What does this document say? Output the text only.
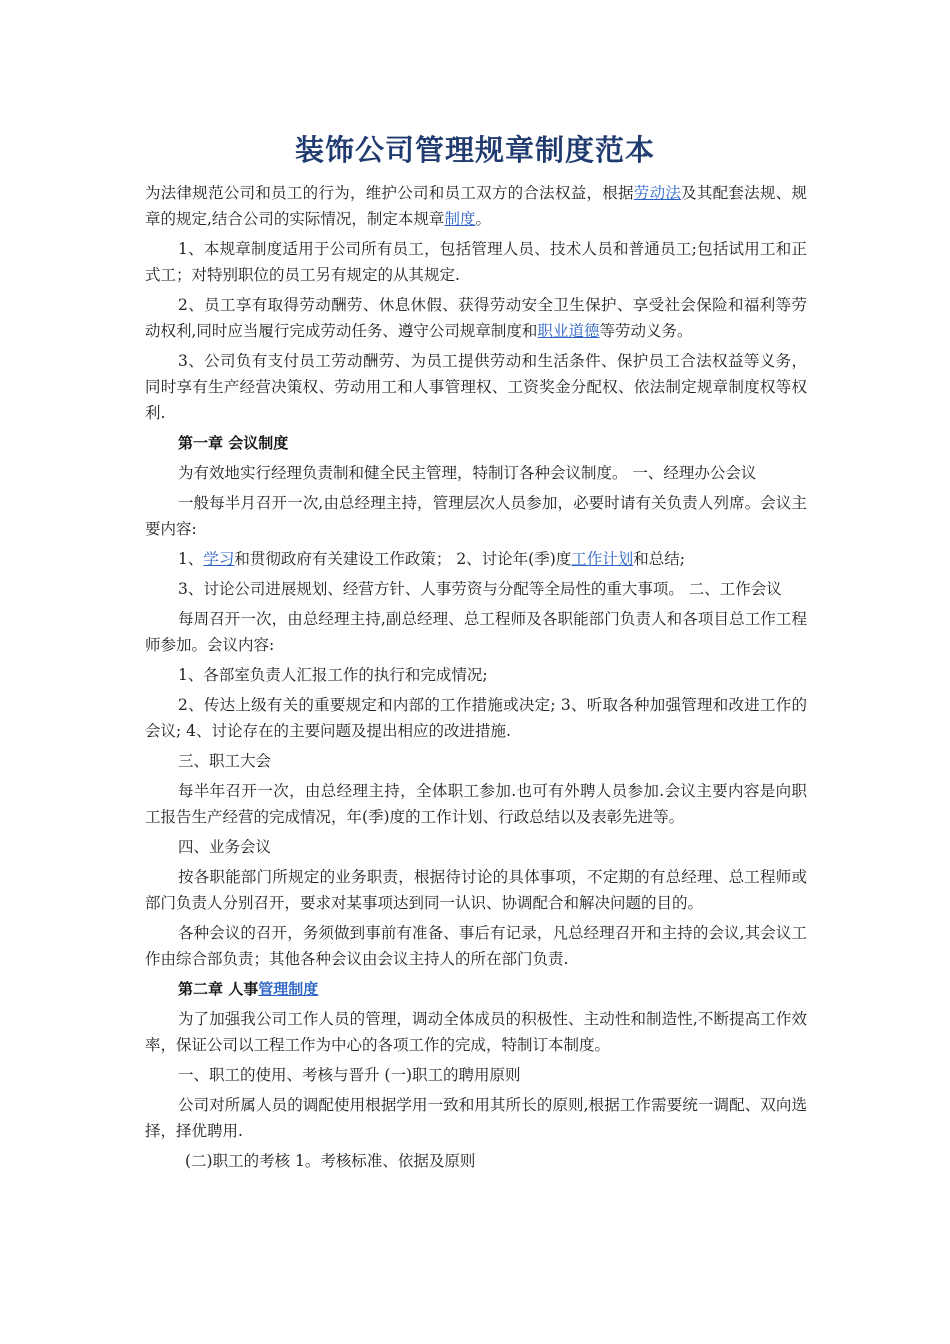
装饰公司管理规章制度范本

为法律规范公司和员工的行为，维护公司和员工双方的合法权益，根据劳动法及其配套法规、规章的规定,结合公司的实际情况，制定本规章制度。

1、本规章制度适用于公司所有员工，包括管理人员、技术人员和普通员工;包括试用工和正式工；对特别职位的员工另有规定的从其规定.

2、员工享有取得劳动酬劳、休息休假、获得劳动安全卫生保护、享受社会保险和福利等劳动权利,同时应当履行完成劳动任务、遵守公司规章制度和职业道德等劳动义务。

3、公司负有支付员工劳动酬劳、为员工提供劳动和生活条件、保护员工合法权益等义务，同时享有生产经营决策权、劳动用工和人事管理权、工资奖金分配权、依法制定规章制度权等权利.

第一章 会议制度

为有效地实行经理负责制和健全民主管理，特制订各种会议制度。 一、经理办公会议

一般每半月召开一次,由总经理主持，管理层次人员参加，必要时请有关负责人列席。会议主要内容:

1、学习和贯彻政府有关建设工作政策； 2、讨论年(季)度工作计划和总结;

3、讨论公司进展规划、经营方针、人事劳资与分配等全局性的重大事项。 二、工作会议

每周召开一次，由总经理主持,副总经理、总工程师及各职能部门负责人和各项目总工作工程师参加。会议内容:

1、各部室负责人汇报工作的执行和完成情况;

2、传达上级有关的重要规定和内部的工作措施或决定; 3、听取各种加强管理和改进工作的会议; 4、讨论存在的主要问题及提出相应的改进措施.

三、职工大会

每半年召开一次，由总经理主持，全体职工参加.也可有外聘人员参加.会议主要内容是向职工报告生产经营的完成情况，年(季)度的工作计划、行政总结以及表彰先进等。

四、业务会议

按各职能部门所规定的业务职责，根据待讨论的具体事项，不定期的有总经理、总工程师或部门负责人分别召开，要求对某事项达到同一认识、协调配合和解决问题的目的。

各种会议的召开，务须做到事前有准备、事后有记录，凡总经理召开和主持的会议,其会议工作由综合部负责；其他各种会议由会议主持人的所在部门负责.

第二章 人事管理制度

为了加强我公司工作人员的管理，调动全体成员的积极性、主动性和制造性,不断提高工作效率，保证公司以工程工作为中心的各项工作的完成，特制订本制度。

一、职工的使用、考核与晋升 (一)职工的聘用原则

公司对所属人员的调配使用根据学用一致和用其所长的原则,根据工作需要统一调配、双向选择，择优聘用.

(二)职工的考核 1。考核标准、依据及原则
